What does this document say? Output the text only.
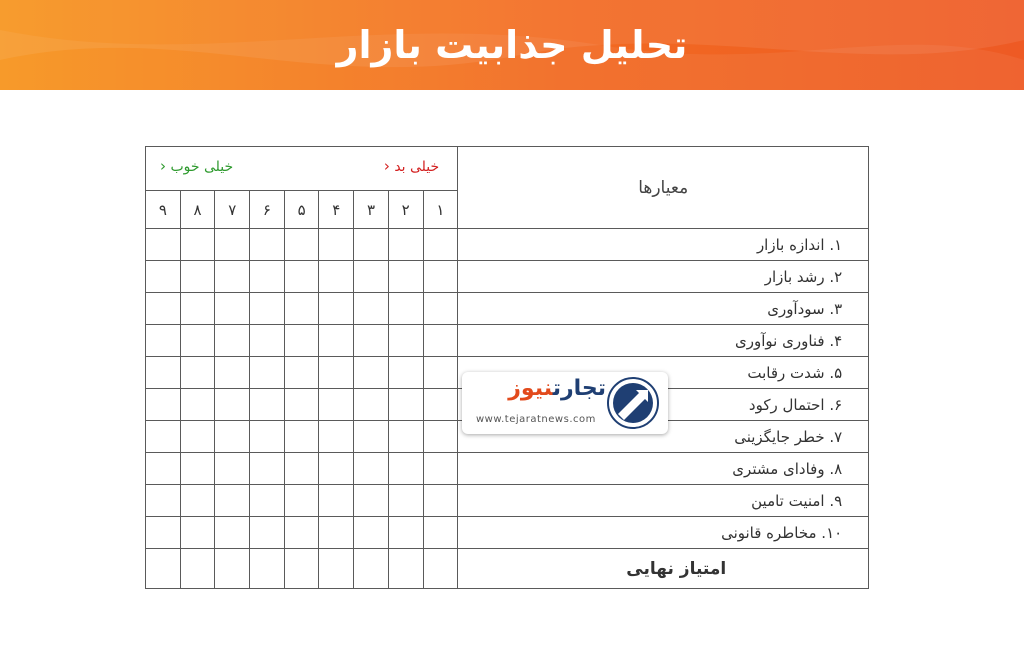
تحلیل جذابیت بازار
خیلی خوب ‹ خیلی بد ‹									معیارها
۹	۸	۷	۶	۵	۴	۳	۲	۱	
									۱. اندازه بازار
									۲. رشد بازار
									۳. سودآوری
									۴. فناوری نوآوری
									۵. شدت رقابت
									۶. احتمال رکود
									۷. خطر جایگزینی
									۸. وفادای مشتری
									۹. امنیت تامین
									۱۰. مخاطره قانونی
									امتیاز نهایی
تجارتنیوز
www.tejaratnews.com
